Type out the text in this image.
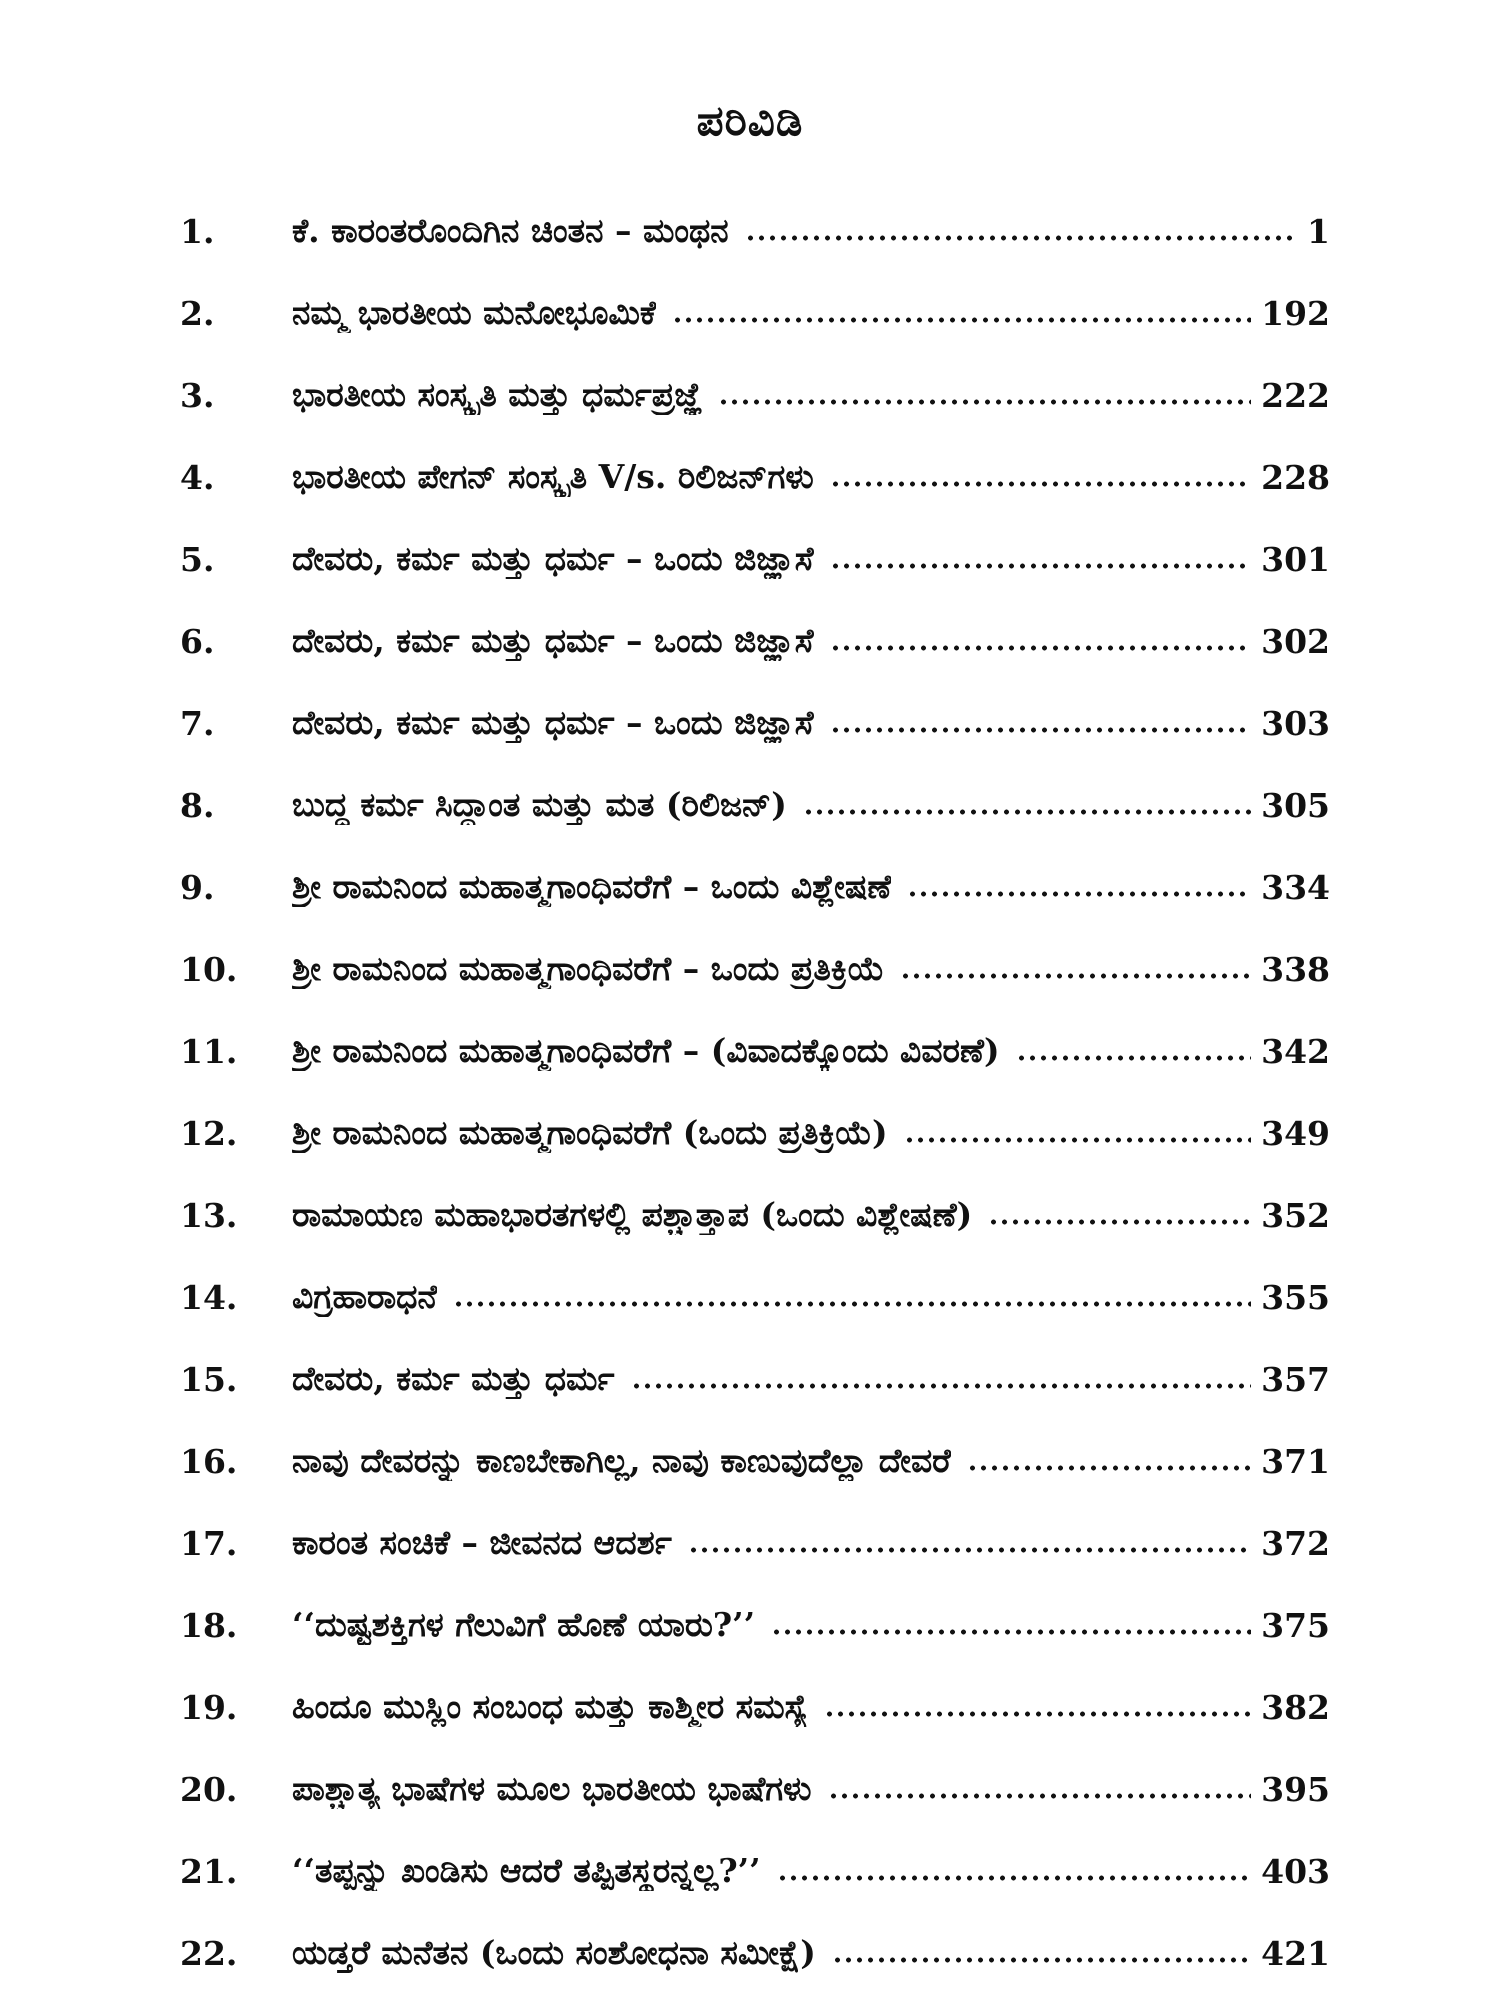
ಪರಿವಿಡಿ
1.	ಕೆ. ಕಾರಂತರೊಂದಿಗಿನ ಚಿಂತನ – ಮಂಥನ	1
2.	ನಮ್ಮ ಭಾರತೀಯ ಮನೋಭೂಮಿಕೆ	192
3.	ಭಾರತೀಯ ಸಂಸ್ಕೃತಿ ಮತ್ತು ಧರ್ಮಪ್ರಜ್ಞೆ	222
4.	ಭಾರತೀಯ ಪೇಗನ್ ಸಂಸ್ಕೃತಿ V/s. ರಿಲಿಜನ್‌ಗಳು	228
5.	ದೇವರು, ಕರ್ಮ ಮತ್ತು ಧರ್ಮ – ಒಂದು ಜಿಜ್ಞಾಸೆ	301
6.	ದೇವರು, ಕರ್ಮ ಮತ್ತು ಧರ್ಮ – ಒಂದು ಜಿಜ್ಞಾಸೆ	302
7.	ದೇವರು, ಕರ್ಮ ಮತ್ತು ಧರ್ಮ – ಒಂದು ಜಿಜ್ಞಾಸೆ	303
8.	ಬುದ್ಧ ಕರ್ಮ ಸಿದ್ಧಾಂತ ಮತ್ತು ಮತ (ರಿಲಿಜನ್)	305
9.	ಶ್ರೀ ರಾಮನಿಂದ ಮಹಾತ್ಮಗಾಂಧಿವರೆಗೆ – ಒಂದು ವಿಶ್ಲೇಷಣೆ	334
10.	ಶ್ರೀ ರಾಮನಿಂದ ಮಹಾತ್ಮಗಾಂಧಿವರೆಗೆ – ಒಂದು ಪ್ರತಿಕ್ರಿಯೆ	338
11.	ಶ್ರೀ ರಾಮನಿಂದ ಮಹಾತ್ಮಗಾಂಧಿವರೆಗೆ – (ವಿವಾದಕ್ಕೊಂದು ವಿವರಣೆ)	342
12.	ಶ್ರೀ ರಾಮನಿಂದ ಮಹಾತ್ಮಗಾಂಧಿವರೆಗೆ (ಒಂದು ಪ್ರತಿಕ್ರಿಯೆ)	349
13.	ರಾಮಾಯಣ ಮಹಾಭಾರತಗಳಲ್ಲಿ ಪಶ್ಚಾತ್ತಾಪ (ಒಂದು ವಿಶ್ಲೇಷಣೆ)	352
14.	ವಿಗ್ರಹಾರಾಧನೆ	355
15.	ದೇವರು, ಕರ್ಮ ಮತ್ತು ಧರ್ಮ	357
16.	ನಾವು ದೇವರನ್ನು ಕಾಣಬೇಕಾಗಿಲ್ಲ, ನಾವು ಕಾಣುವುದೆಲ್ಲಾ ದೇವರೆ	371
17.	ಕಾರಂತ ಸಂಚಿಕೆ – ಜೀವನದ ಆದರ್ಶ	372
18.	‘‘ದುಷ್ಟಶಕ್ತಿಗಳ ಗೆಲುವಿಗೆ ಹೊಣೆ ಯಾರು?’’	375
19.	ಹಿಂದೂ ಮುಸ್ಲಿಂ ಸಂಬಂಧ ಮತ್ತು ಕಾಶ್ಮೀರ ಸಮಸ್ಯೆ	382
20.	ಪಾಶ್ಚಾತ್ಯ ಭಾಷೆಗಳ ಮೂಲ ಭಾರತೀಯ ಭಾಷೆಗಳು	395
21.	‘‘ತಪ್ಪನ್ನು ಖಂಡಿಸು ಆದರೆ ತಪ್ಪಿತಸ್ಥರನ್ನಲ್ಲ?’’	403
22.	ಯಡ್ತರೆ ಮನೆತನ (ಒಂದು ಸಂಶೋಧನಾ ಸಮೀಕ್ಷೆ)	421
